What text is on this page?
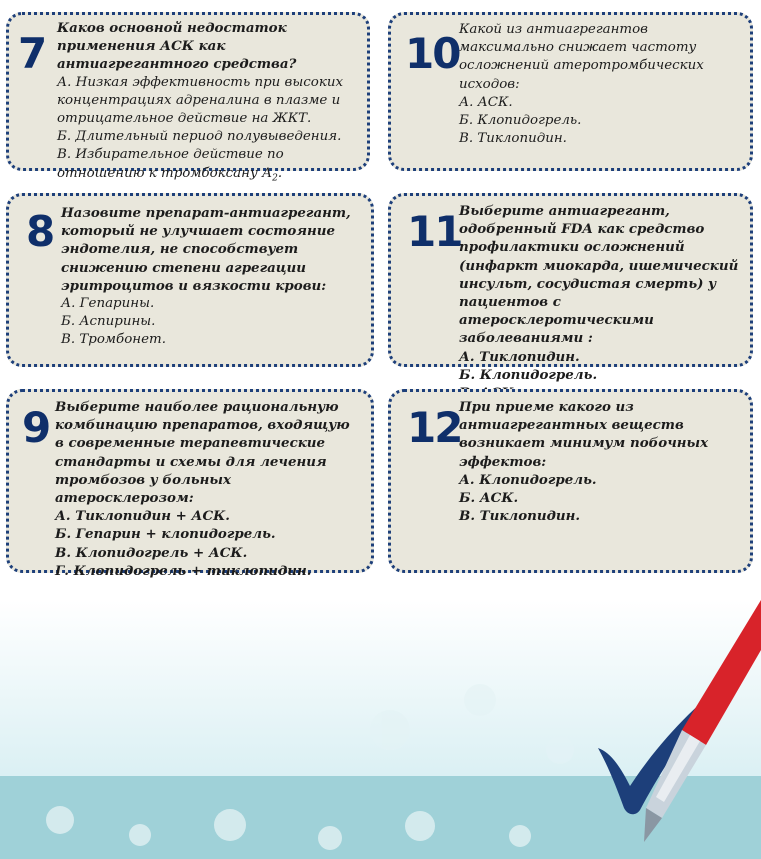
7
Каков основной недостаток применения АСК как антиагрегантного средства?
А. Низкая эффективность при высоких концентрациях адреналина в плазме и отрицательное действие на ЖКТ.
Б. Длительный период полувыведения.
В. Избирательное действие по отношению к тромбоксану $А_2$.
10 Какой из антиагрегантов максимально снижает частоту осложнений атеротромбических исходов:
А. АСК.
Б. Клопидогрель.
В. Тиклопидин.
8 Назовите препарат-антиагрегант, который не улучшает состояние эндотелия, не способствует снижению степени агрегации эритроцитов и вязкости крови:
А. Гепарины.
Б. Аспирины.
В. Тромбонет.
11
Выберите антиагрегант, одобренный FDA как средство профилактики осложнений (инфаркт миокарда, ишемический инсульт, сосудистая смерть) у пациентов с атеросклеротическими заболеваниями :
А. Тиклопидин.
Б. Клопидогрель.
9 Выберите наиболее рациональную комбинацию препаратов, входящую в современные терапевтические стандарты и схемы для лечения тромбозов у больных атеросклерозом:
А. Тиклопидин + АСК.
Б. Гепарин + клопидогрель.
В. Клопидогрель + АСК.
Г. Клопидогрель + тиклопидин.
12
При приеме какого из антиагрегантных веществ возникает минимум побочных эффектов:
А. Клопидогрель.
Б. АСК.
В. Тиклопидин.
